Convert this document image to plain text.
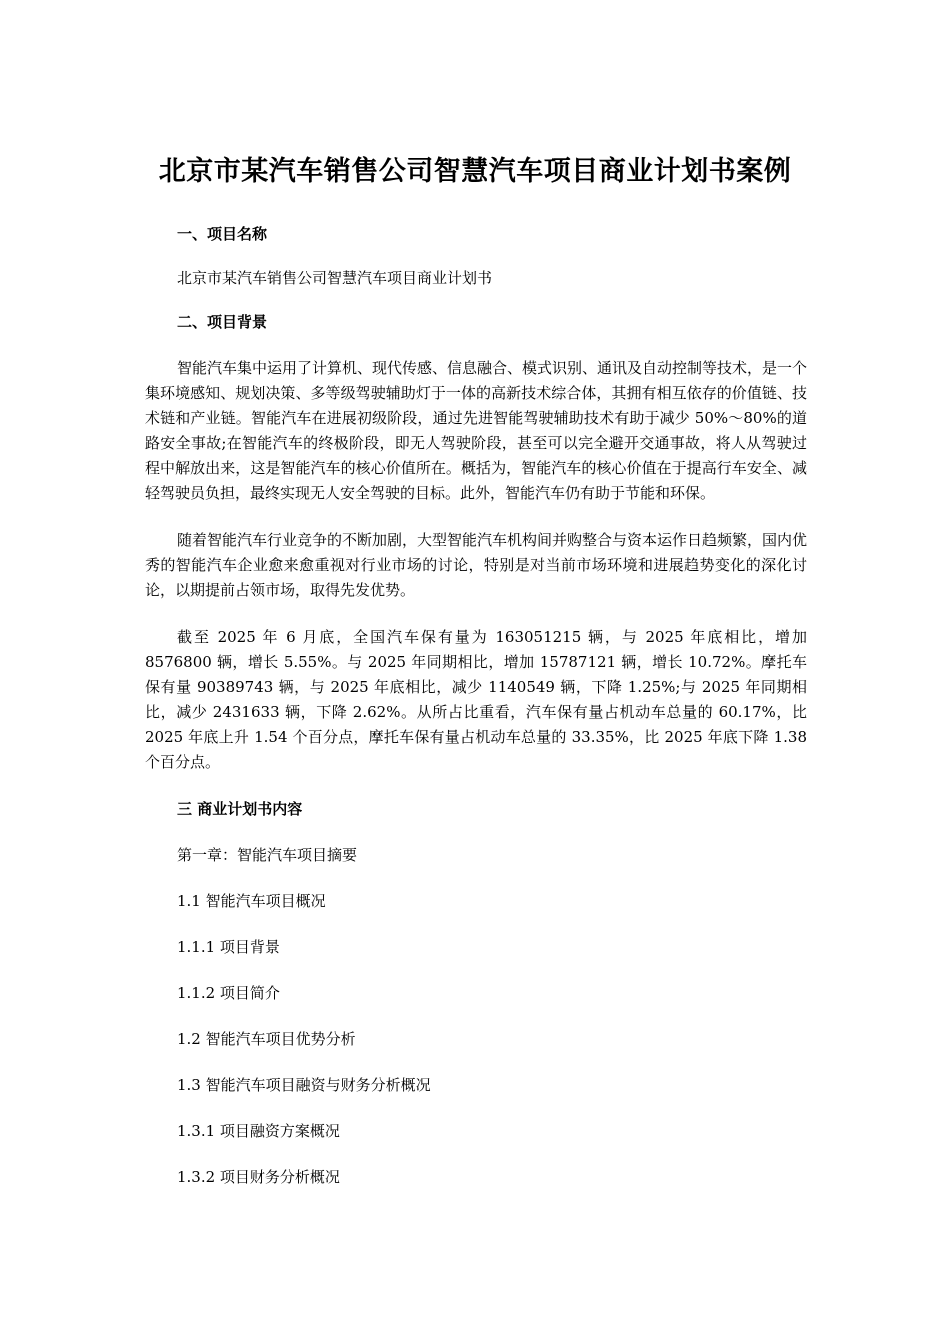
北京市某汽车销售公司智慧汽车项目商业计划书案例

一、项目名称

北京市某汽车销售公司智慧汽车项目商业计划书

二、项目背景

智能汽车集中运用了计算机、现代传感、信息融合、模式识别、通讯及自动控制等技术，是一个集环境感知、规划决策、多等级驾驶辅助灯于一体的高新技术综合体，其拥有相互依存的价值链、技术链和产业链。智能汽车在进展初级阶段，通过先进智能驾驶辅助技术有助于减少 50%～80%的道路安全事故;在智能汽车的终极阶段，即无人驾驶阶段，甚至可以完全避开交通事故，将人从驾驶过程中解放出来，这是智能汽车的核心价值所在。概括为，智能汽车的核心价值在于提高行车安全、减轻驾驶员负担，最终实现无人安全驾驶的目标。此外，智能汽车仍有助于节能和环保。

随着智能汽车行业竞争的不断加剧，大型智能汽车机构间并购整合与资本运作日趋频繁，国内优秀的智能汽车企业愈来愈重视对行业市场的讨论，特别是对当前市场环境和进展趋势变化的深化讨论，以期提前占领市场，取得先发优势。

截至 2025 年 6 月底，全国汽车保有量为 163051215 辆，与 2025 年底相比，增加 8576800 辆，增长 5.55%。与 2025 年同期相比，增加 15787121 辆，增长 10.72%。摩托车保有量 90389743 辆，与 2025 年底相比，减少 1140549 辆，下降 1.25%;与 2025 年同期相比，减少 2431633 辆，下降 2.62%。从所占比重看，汽车保有量占机动车总量的 60.17%，比 2025 年底上升 1.54 个百分点，摩托车保有量占机动车总量的 33.35%，比 2025 年底下降 1.38 个百分点。

三 商业计划书内容

第一章：智能汽车项目摘要

1.1 智能汽车项目概况

1.1.1 项目背景

1.1.2 项目简介

1.2 智能汽车项目优势分析

1.3 智能汽车项目融资与财务分析概况

1.3.1 项目融资方案概况

1.3.2 项目财务分析概况
